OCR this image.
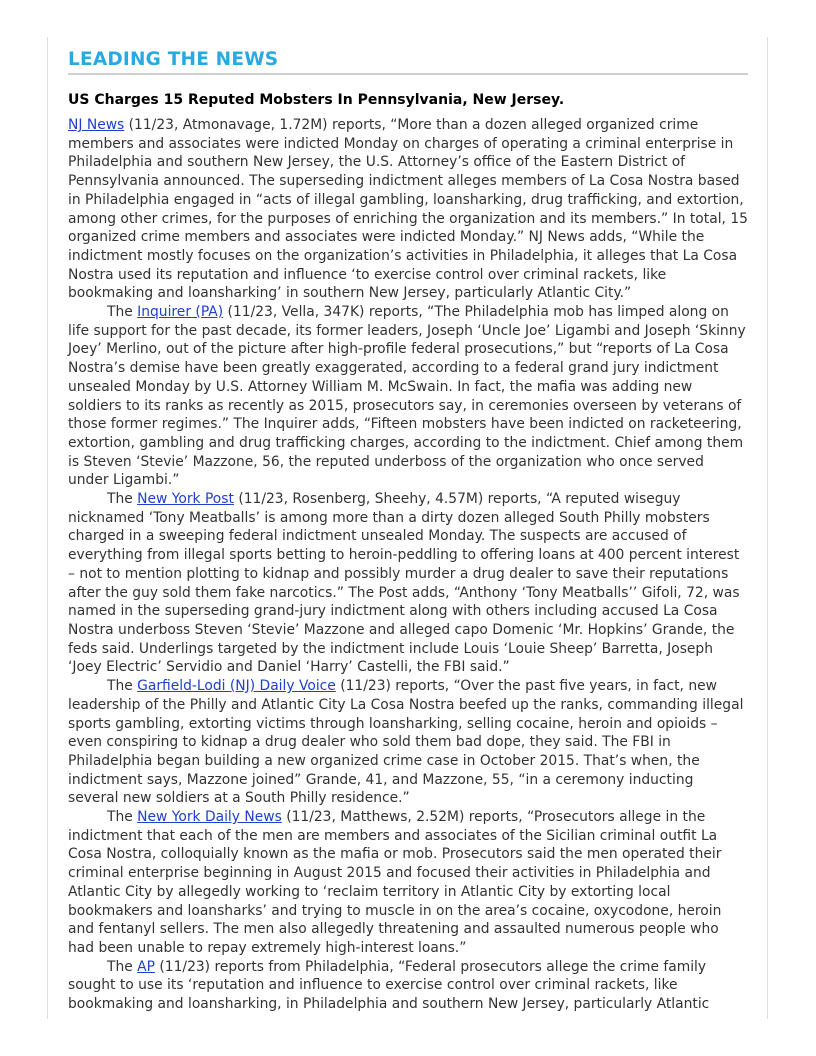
LEADING THE NEWS
US Charges 15 Reputed Mobsters In Pennsylvania, New Jersey.

NJ News (11/23, Atmonavage, 1.72M) reports, “More than a dozen alleged organized crime members and associates were indicted Monday on charges of operating a criminal enterprise in Philadelphia and southern New Jersey, the U.S. Attorney’s office of the Eastern District of Pennsylvania announced. The superseding indictment alleges members of La Cosa Nostra based in Philadelphia engaged in “acts of illegal gambling, loansharking, drug trafficking, and extortion, among other crimes, for the purposes of enriching the organization and its members.” In total, 15 organized crime members and associates were indicted Monday.” NJ News adds, “While the indictment mostly focuses on the organization’s activities in Philadelphia, it alleges that La Cosa Nostra used its reputation and influence ‘to exercise control over criminal rackets, like bookmaking and loansharking’ in southern New Jersey, particularly Atlantic City.”

The Inquirer (PA) (11/23, Vella, 347K) reports, “The Philadelphia mob has limped along on life support for the past decade, its former leaders, Joseph ‘Uncle Joe’ Ligambi and Joseph ‘Skinny Joey’ Merlino, out of the picture after high-profile federal prosecutions,” but “reports of La Cosa Nostra’s demise have been greatly exaggerated, according to a federal grand jury indictment unsealed Monday by U.S. Attorney William M. McSwain. In fact, the mafia was adding new soldiers to its ranks as recently as 2015, prosecutors say, in ceremonies overseen by veterans of those former regimes.” The Inquirer adds, “Fifteen mobsters have been indicted on racketeering, extortion, gambling and drug trafficking charges, according to the indictment. Chief among them is Steven ‘Stevie’ Mazzone, 56, the reputed underboss of the organization who once served under Ligambi.”

The New York Post (11/23, Rosenberg, Sheehy, 4.57M) reports, “A reputed wiseguy nicknamed ‘Tony Meatballs’ is among more than a dirty dozen alleged South Philly mobsters charged in a sweeping federal indictment unsealed Monday. The suspects are accused of everything from illegal sports betting to heroin-peddling to offering loans at 400 percent interest – not to mention plotting to kidnap and possibly murder a drug dealer to save their reputations after the guy sold them fake narcotics.” The Post adds, “Anthony ‘Tony Meatballs’’ Gifoli, 72, was named in the superseding grand-jury indictment along with others including accused La Cosa Nostra underboss Steven ‘Stevie’ Mazzone and alleged capo Domenic ‘Mr. Hopkins’ Grande, the feds said. Underlings targeted by the indictment include Louis ‘Louie Sheep’ Barretta, Joseph ‘Joey Electric’ Servidio and Daniel ‘Harry’ Castelli, the FBI said.”

The Garfield-Lodi (NJ) Daily Voice (11/23) reports, “Over the past five years, in fact, new leadership of the Philly and Atlantic City La Cosa Nostra beefed up the ranks, commanding illegal sports gambling, extorting victims through loansharking, selling cocaine, heroin and opioids – even conspiring to kidnap a drug dealer who sold them bad dope, they said. The FBI in Philadelphia began building a new organized crime case in October 2015. That’s when, the indictment says, Mazzone joined” Grande, 41, and Mazzone, 55, “in a ceremony inducting several new soldiers at a South Philly residence.”

The New York Daily News (11/23, Matthews, 2.52M) reports, “Prosecutors allege in the indictment that each of the men are members and associates of the Sicilian criminal outfit La Cosa Nostra, colloquially known as the mafia or mob. Prosecutors said the men operated their criminal enterprise beginning in August 2015 and focused their activities in Philadelphia and Atlantic City by allegedly working to ‘reclaim territory in Atlantic City by extorting local bookmakers and loansharks’ and trying to muscle in on the area’s cocaine, oxycodone, heroin and fentanyl sellers. The men also allegedly threatening and assaulted numerous people who had been unable to repay extremely high-interest loans.”

The AP (11/23) reports from Philadelphia, “Federal prosecutors allege the crime family sought to use its ‘reputation and influence to exercise control over criminal rackets, like bookmaking and loansharking, in Philadelphia and southern New Jersey, particularly Atlantic
